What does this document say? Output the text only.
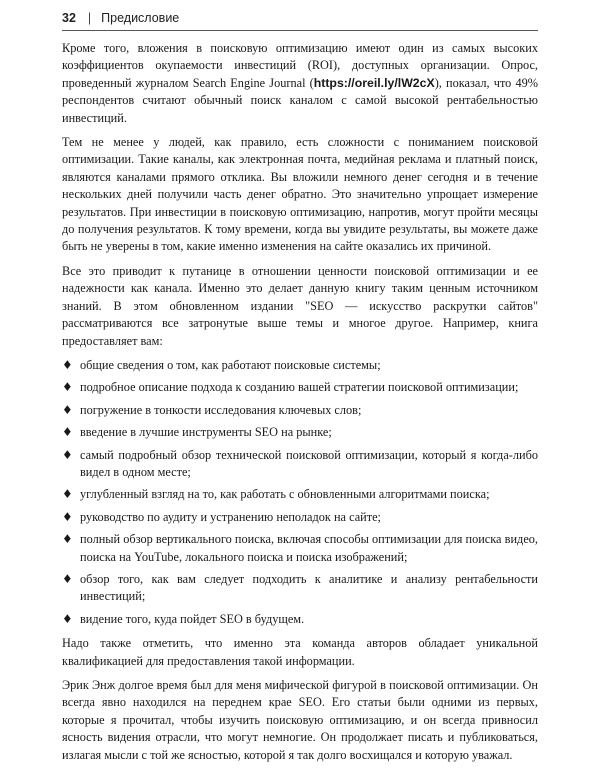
32 | Предисловие

Кроме того, вложения в поисковую оптимизацию имеют один из самых высоких коэффициентов окупаемости инвестиций (ROI), доступных организации. Опрос, проведенный журналом Search Engine Journal (https://oreil.ly/lW2cX), показал, что 49% респондентов считают обычный поиск каналом с самой высокой рентабельностью инвестиций.

Тем не менее у людей, как правило, есть сложности с пониманием поисковой оптимизации. Такие каналы, как электронная почта, медийная реклама и платный поиск, являются каналами прямого отклика. Вы вложили немного денег сегодня и в течение нескольких дней получили часть денег обратно. Это значительно упрощает измерение результатов. При инвестиции в поисковую оптимизацию, напротив, могут пройти месяцы до получения результатов. К тому времени, когда вы увидите результаты, вы можете даже быть не уверены в том, какие именно изменения на сайте оказались их причиной.

Все это приводит к путанице в отношении ценности поисковой оптимизации и ее надежности как канала. Именно это делает данную книгу таким ценным источником знаний. В этом обновленном издании "SEO — искусство раскрутки сайтов" рассматриваются все затронутые выше темы и многое другое. Например, книга предоставляет вам:

♦ общие сведения о том, как работают поисковые системы;
♦ подробное описание подхода к созданию вашей стратегии поисковой оптимизации;
♦ погружение в тонкости исследования ключевых слов;
♦ введение в лучшие инструменты SEO на рынке;
♦ самый подробный обзор технической поисковой оптимизации, который я когда-либо видел в одном месте;
♦ углубленный взгляд на то, как работать с обновленными алгоритмами поиска;
♦ руководство по аудиту и устранению неполадок на сайте;
♦ полный обзор вертикального поиска, включая способы оптимизации для поиска видео, поиска на YouTube, локального поиска и поиска изображений;
♦ обзор того, как вам следует подходить к аналитике и анализу рентабельности инвестиций;
♦ видение того, куда пойдет SEO в будущем.

Надо также отметить, что именно эта команда авторов обладает уникальной квалификацией для предоставления такой информации.

Эрик Энж долгое время был для меня мифической фигурой в поисковой оптимизации. Он всегда явно находился на переднем крае SEO. Его статьи были одними из первых, которые я прочитал, чтобы изучить поисковую оптимизацию, и он всегда привносил ясность видения отрасли, что могут немногие. Он продолжает писать и публиковаться, излагая мысли с той же ясностью, которой я так долго восхищался и которую уважал.
